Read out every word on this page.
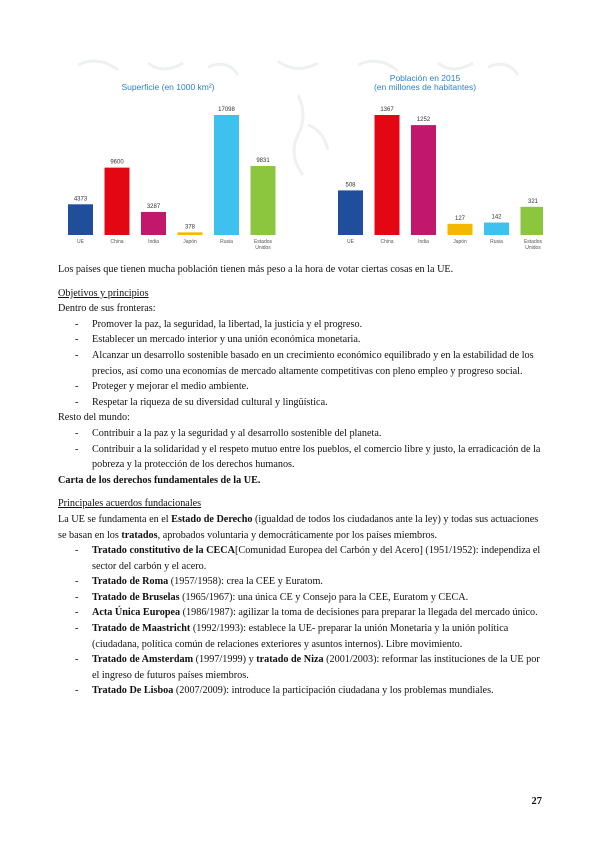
Superficie (en 1000 km²)
Población en 2015
(en millones de habitantes)
4373
UE
9600
China
3287
India
378
Japón
17098
Rusia
9831
Estados
Unidos
508
UE
1367
China
1252
India
127
Japón
142
Rusia
321
Estados
Unidos
Los países que tienen mucha población tienen más peso a la hora de votar ciertas cosas en la UE.
Objetivos y principios
Dentro de sus fronteras:
- Promover la paz, la seguridad, la libertad, la justicia y el progreso.
- Establecer un mercado interior y una unión económica monetaria.
- Alcanzar un desarrollo sostenible basado en un crecimiento económico equilibrado y en la estabilidad de los precios, así como una economías de mercado altamente competitivas con pleno empleo y progreso social.
- Proteger y mejorar el medio ambiente.
- Respetar la riqueza de su diversidad cultural y lingüística.
Resto del mundo:
- Contribuir a la paz y la seguridad y al desarrollo sostenible del planeta.
- Contribuir a la solidaridad y el respeto mutuo entre los pueblos, el comercio libre y justo, la erradicación de la pobreza y la protección de los derechos humanos.
Carta de los derechos fundamentales de la UE.
Principales acuerdos fundacionales
La UE se fundamenta en el Estado de Derecho (igualdad de todos los ciudadanos ante la ley) y todas sus actuaciones se basan en los tratados, aprobados voluntaria y democráticamente por los países miembros.
- Tratado constitutivo de la CECA[Comunidad Europea del Carbón y del Acero] (1951/1952): independiza el sector del carbón y el acero.
- Tratado de Roma (1957/1958): crea la CEE y Euratom.
- Tratado de Bruselas (1965/1967): una única CE y Consejo para la CEE, Euratom y CECA.
- Acta Única Europea (1986/1987): agilizar la toma de decisiones para preparar la llegada del mercado único.
- Tratado de Maastricht (1992/1993): establece la UE- preparar la unión Monetaria y la unión política (ciudadana, política común de relaciones exteriores y asuntos internos). Libre movimiento.
- Tratado de Amsterdam (1997/1999) y tratado de Niza (2001/2003): reformar las instituciones de la UE por el ingreso de futuros países miembros.
- Tratado De Lisboa (2007/2009): introduce la participación ciudadana y los problemas mundiales.
27
